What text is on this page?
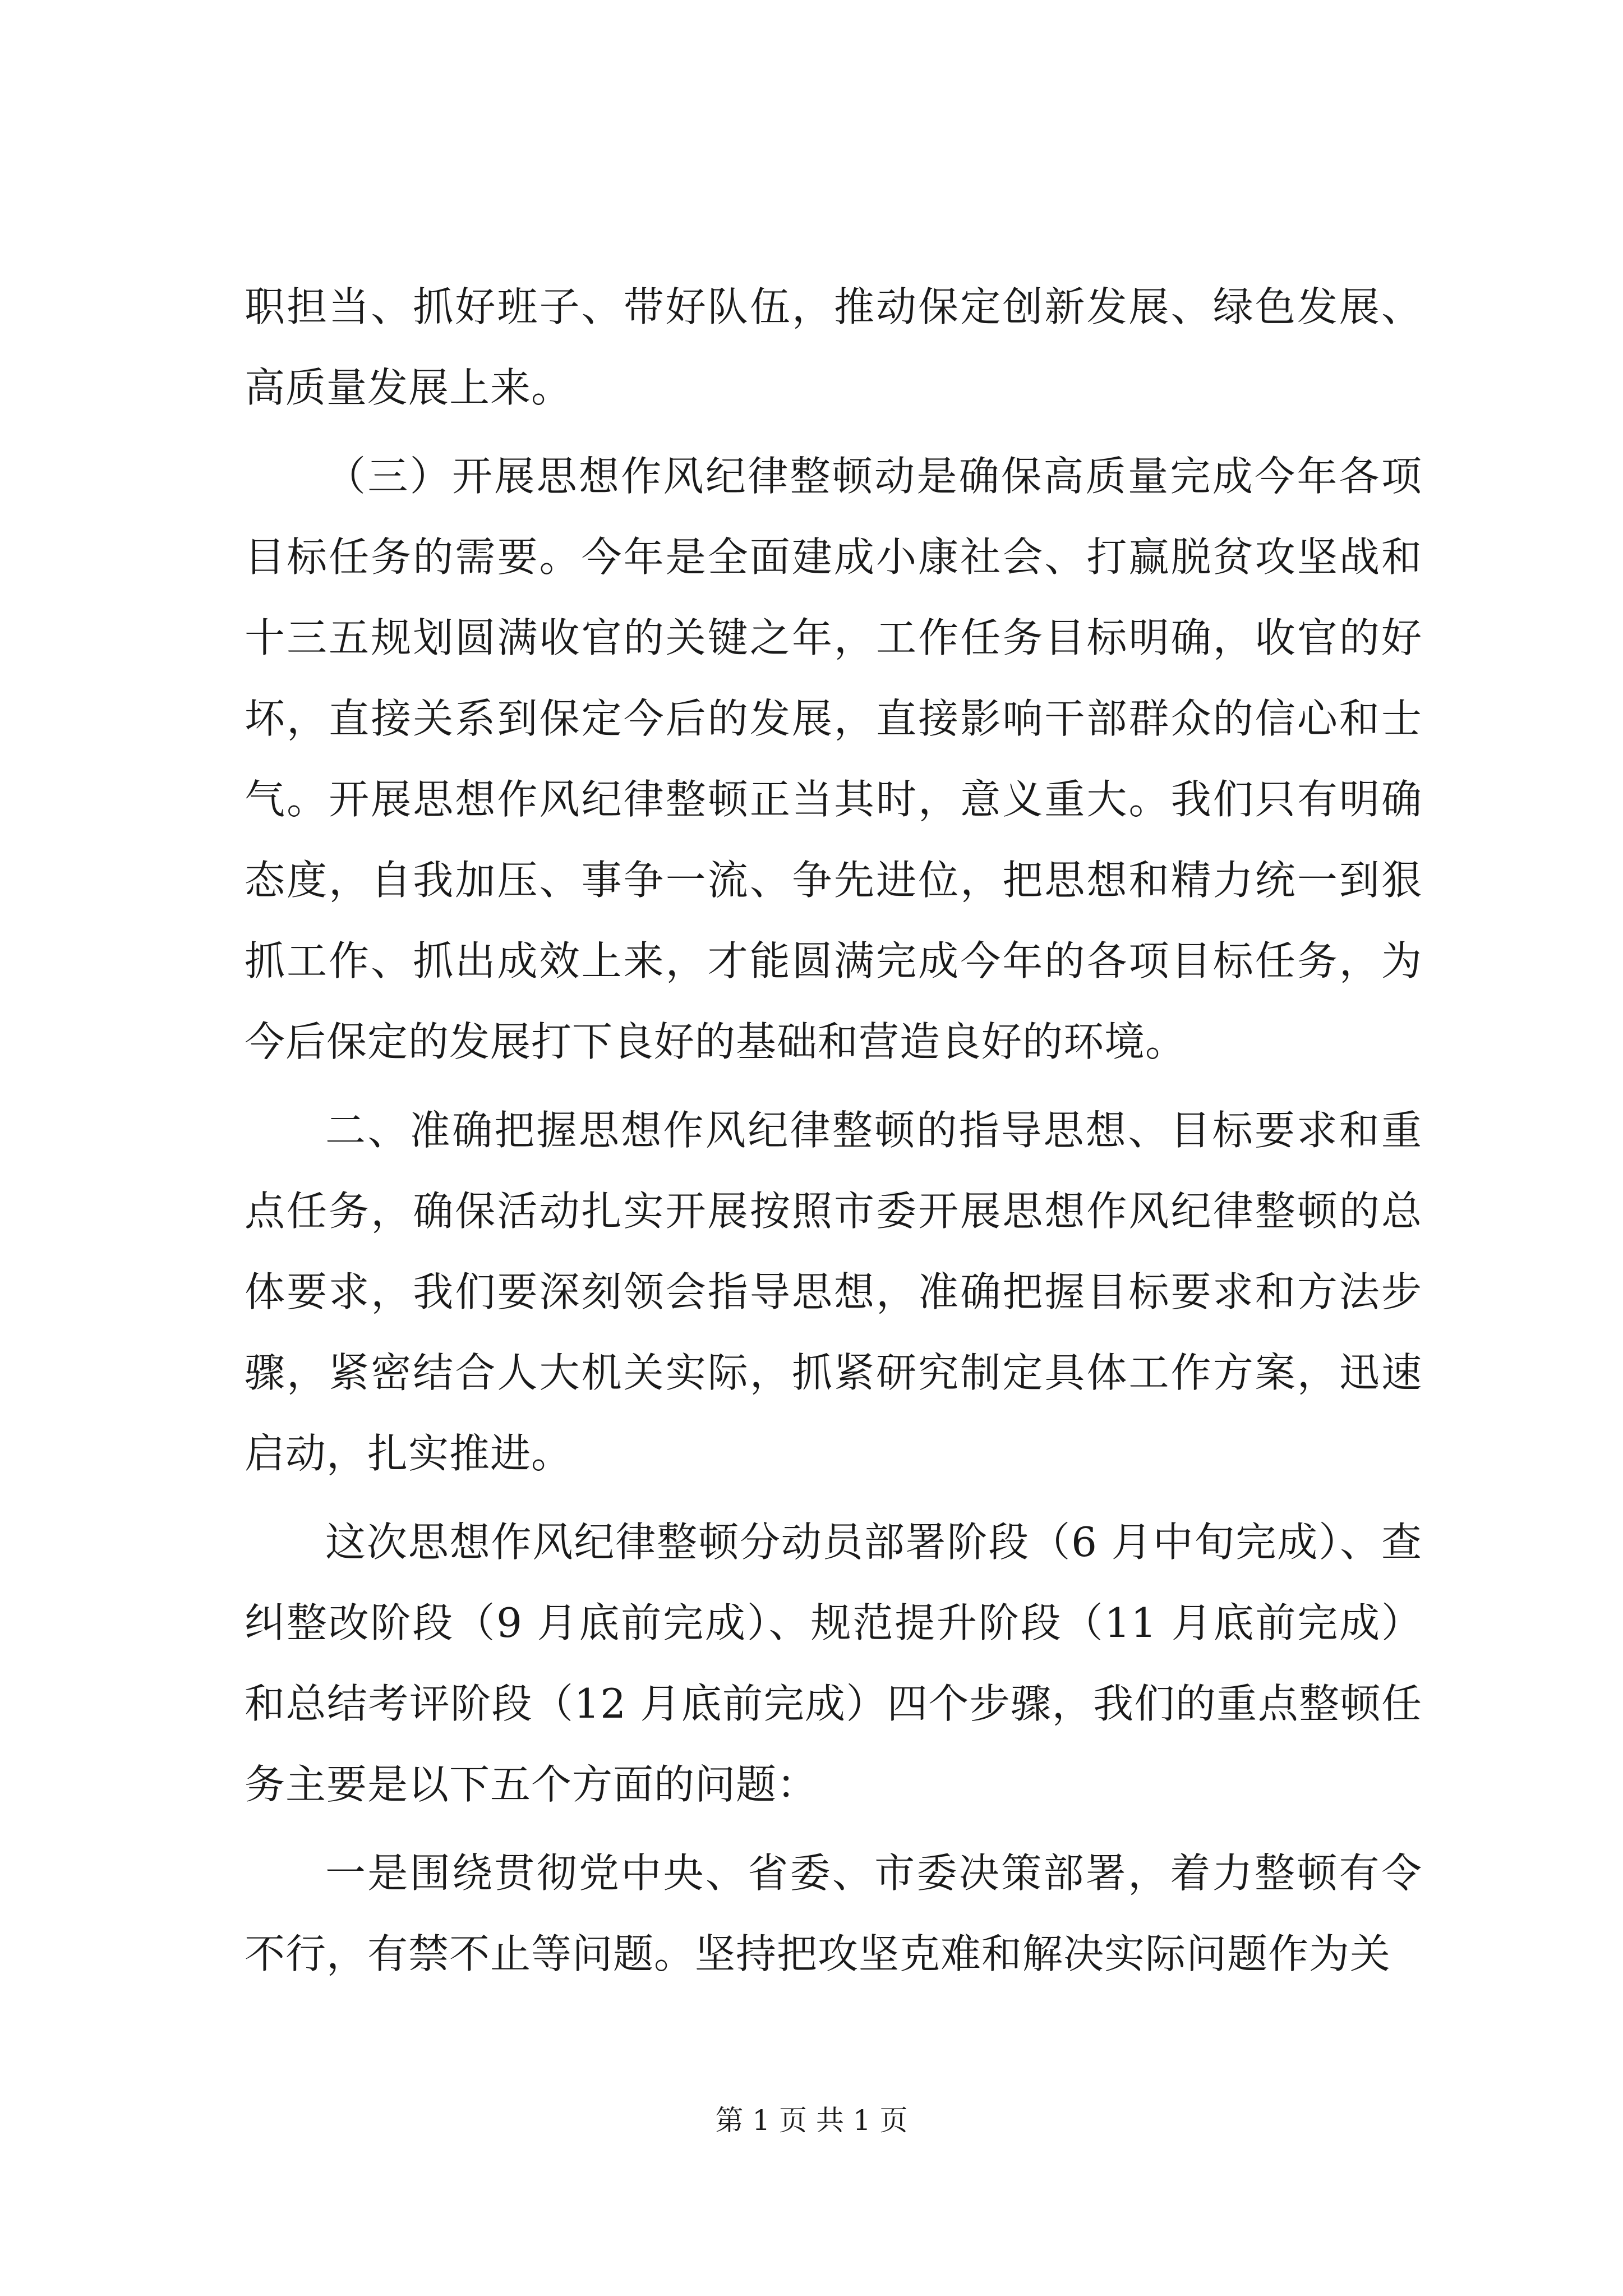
职担当、抓好班子、带好队伍，推动保定创新发展、绿色发展、高质量发展上来。

（三）开展思想作风纪律整顿动是确保高质量完成今年各项目标任务的需要。今年是全面建成小康社会、打赢脱贫攻坚战和十三五规划圆满收官的关键之年，工作任务目标明确，收官的好坏，直接关系到保定今后的发展，直接影响干部群众的信心和士气。开展思想作风纪律整顿正当其时，意义重大。我们只有明确态度，自我加压、事争一流、争先进位，把思想和精力统一到狠抓工作、抓出成效上来，才能圆满完成今年的各项目标任务，为今后保定的发展打下良好的基础和营造良好的环境。

二、准确把握思想作风纪律整顿的指导思想、目标要求和重点任务，确保活动扎实开展按照市委开展思想作风纪律整顿的总体要求，我们要深刻领会指导思想，准确把握目标要求和方法步骤，紧密结合人大机关实际，抓紧研究制定具体工作方案，迅速启动，扎实推进。

这次思想作风纪律整顿分动员部署阶段（6 月中旬完成）、查纠整改阶段（9 月底前完成）、规范提升阶段（11 月底前完成）和总结考评阶段（12 月底前完成）四个步骤，我们的重点整顿任务主要是以下五个方面的问题：

一是围绕贯彻党中央、省委、市委决策部署，着力整顿有令不行，有禁不止等问题。坚持把攻坚克难和解决实际问题作为关

第 1 页 共 1 页
